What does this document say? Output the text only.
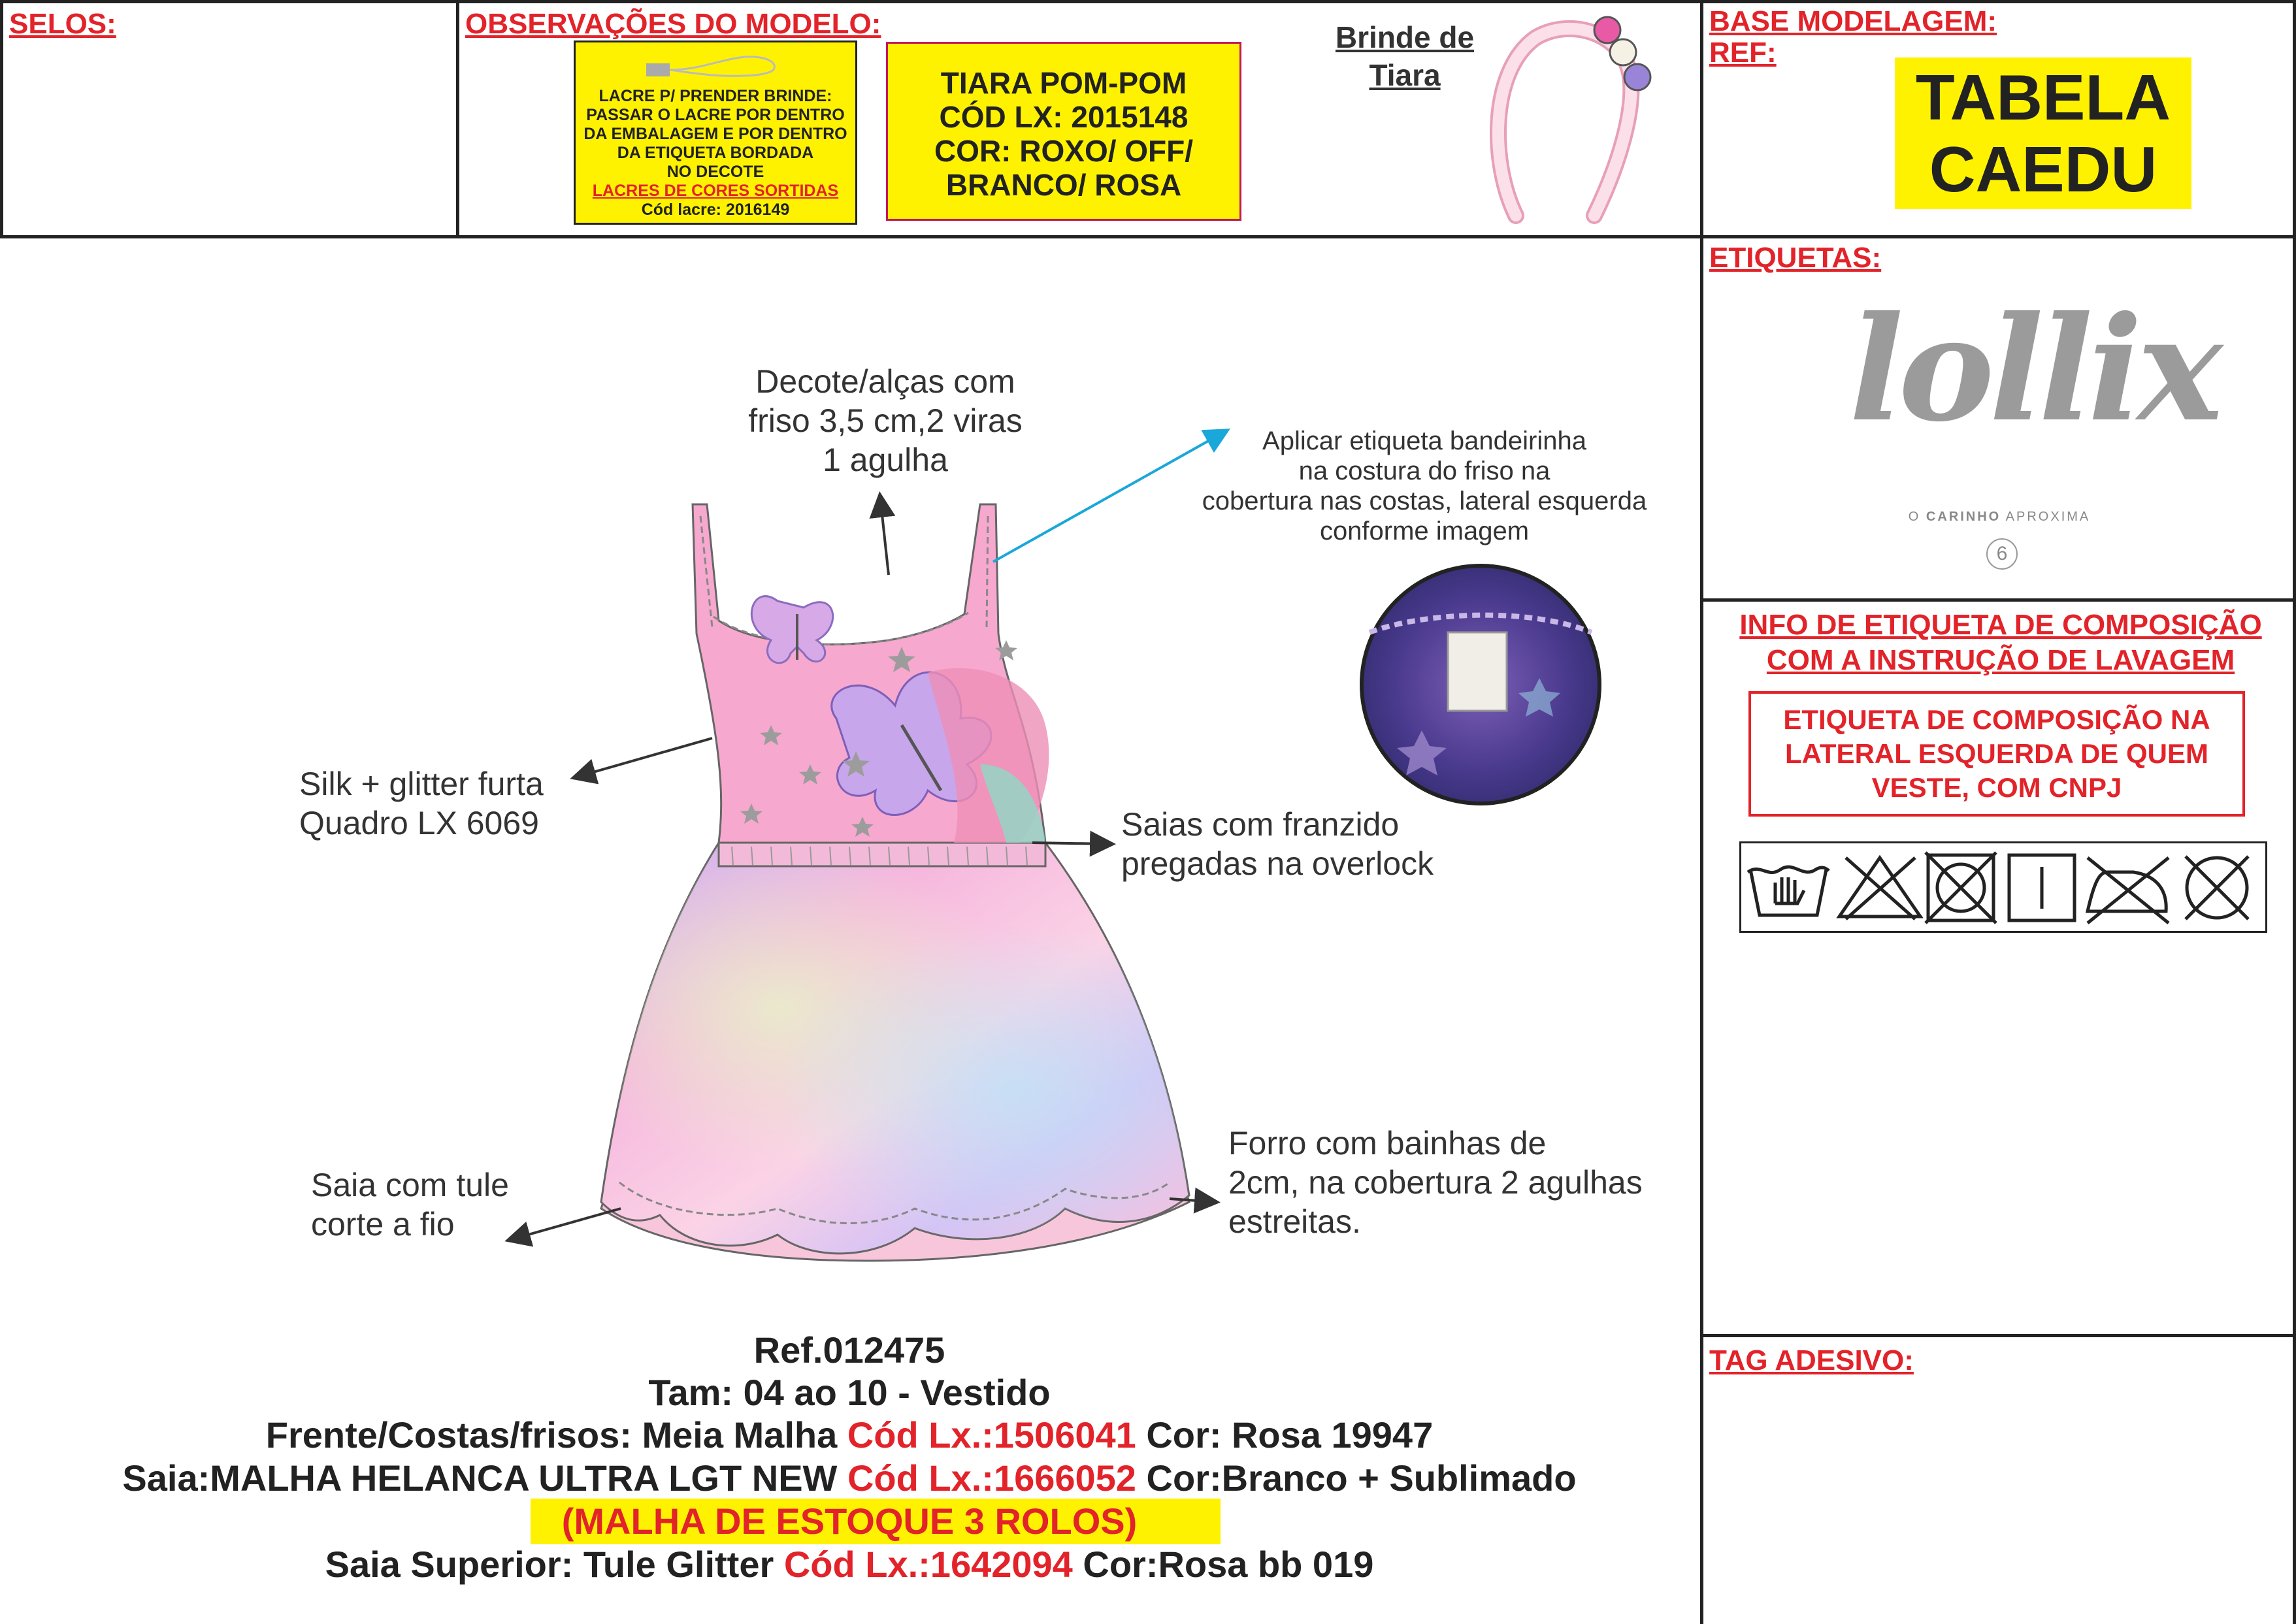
SELOS:	OBSERVAÇÕES DO MODELO:

LACRE P/ PRENDER BRINDE:

PASSAR O LACRE POR DENTRO

DA EMBALAGEM E POR DENTRO

DA ETIQUETA BORDADA

NO DECOTE

LACRES DE CORES SORTIDAS

Cód lacre: 2016149

TIARA POM-POM

CÓD LX: 2015148

COR: ROXO/ OFF/

BRANCO/ ROSA

Brinde de
Tiara
BASE MODELAGEM:
REF:
TABELA
CAEDU
ETIQUETAS:
lollix
O CARINHO APROXIMA
6
INFO DE ETIQUETA DE COMPOSIÇÃO
COM A INSTRUÇÃO DE LAVAGEM
ETIQUETA DE COMPOSIÇÃO NA
LATERAL ESQUERDA DE QUEM
VESTE, COM CNPJ
TAG ADESIVO:
Decote/alças com
friso 3,5 cm,2 viras
1 agulha
Aplicar etiqueta bandeirinha
na costura do friso na
cobertura nas costas, lateral esquerda
conforme imagem
Silk + glitter furta
Quadro LX 6069	Saias com franzido
pregadas na overlock
Forro com bainhas de
2cm, na cobertura 2 agulhas
estreitas.
Saia com tule
corte a fio
Ref.012475
Tam: 04 ao 10 - Vestido
Frente/Costas/frisos: Meia Malha Cód Lx.:1506041 Cor: Rosa 19947
Saia:MALHA HELANCA ULTRA LGT NEW Cód Lx.:1666052 Cor:Branco + Sublimado
(MALHA DE ESTOQUE 3 ROLOS)
Saia Superior: Tule Glitter Cód Lx.:1642094 Cor:Rosa bb 019
